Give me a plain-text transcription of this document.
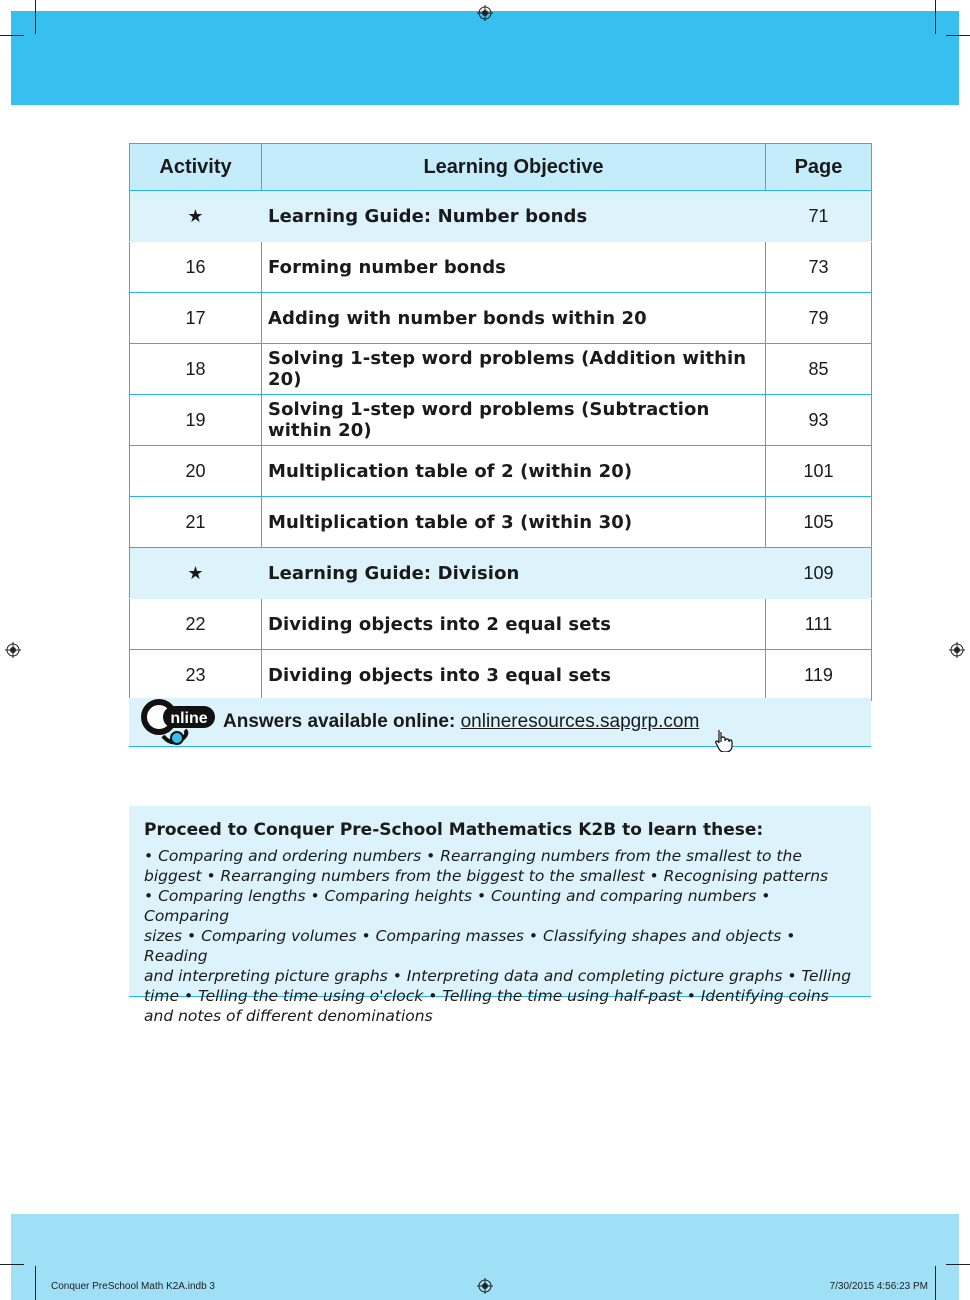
Activity	Learning Objective	Page
★	Learning Guide: Number bonds	71
16	Forming number bonds	73
17	Adding with number bonds within 20	79
18	Solving 1-step word problems (Addition within 20)	85
19	Solving 1-step word problems (Subtraction within 20)	93
20	Multiplication table of 2 (within 20)	101
21	Multiplication table of 3 (within 30)	105
★	Learning Guide: Division	109
22	Dividing objects into 2 equal sets	111
23	Dividing objects into 3 equal sets	119
nline Answers available online: onlineresources.sapgrp.com
Proceed to Conquer Pre-School Mathematics K2B to learn these:
• Comparing and ordering numbers • Rearranging numbers from the smallest to the
biggest • Rearranging numbers from the biggest to the smallest • Recognising patterns
• Comparing lengths • Comparing heights • Counting and comparing numbers • Comparing
sizes • Comparing volumes • Comparing masses • Classifying shapes and objects • Reading
and interpreting picture graphs • Interpreting data and completing picture graphs • Telling
time • Telling the time using o'clock • Telling the time using half-past • Identifying coins
and notes of different denominations
Conquer PreSchool Math K2A.indb 3	7/30/2015 4:56:23 PM
